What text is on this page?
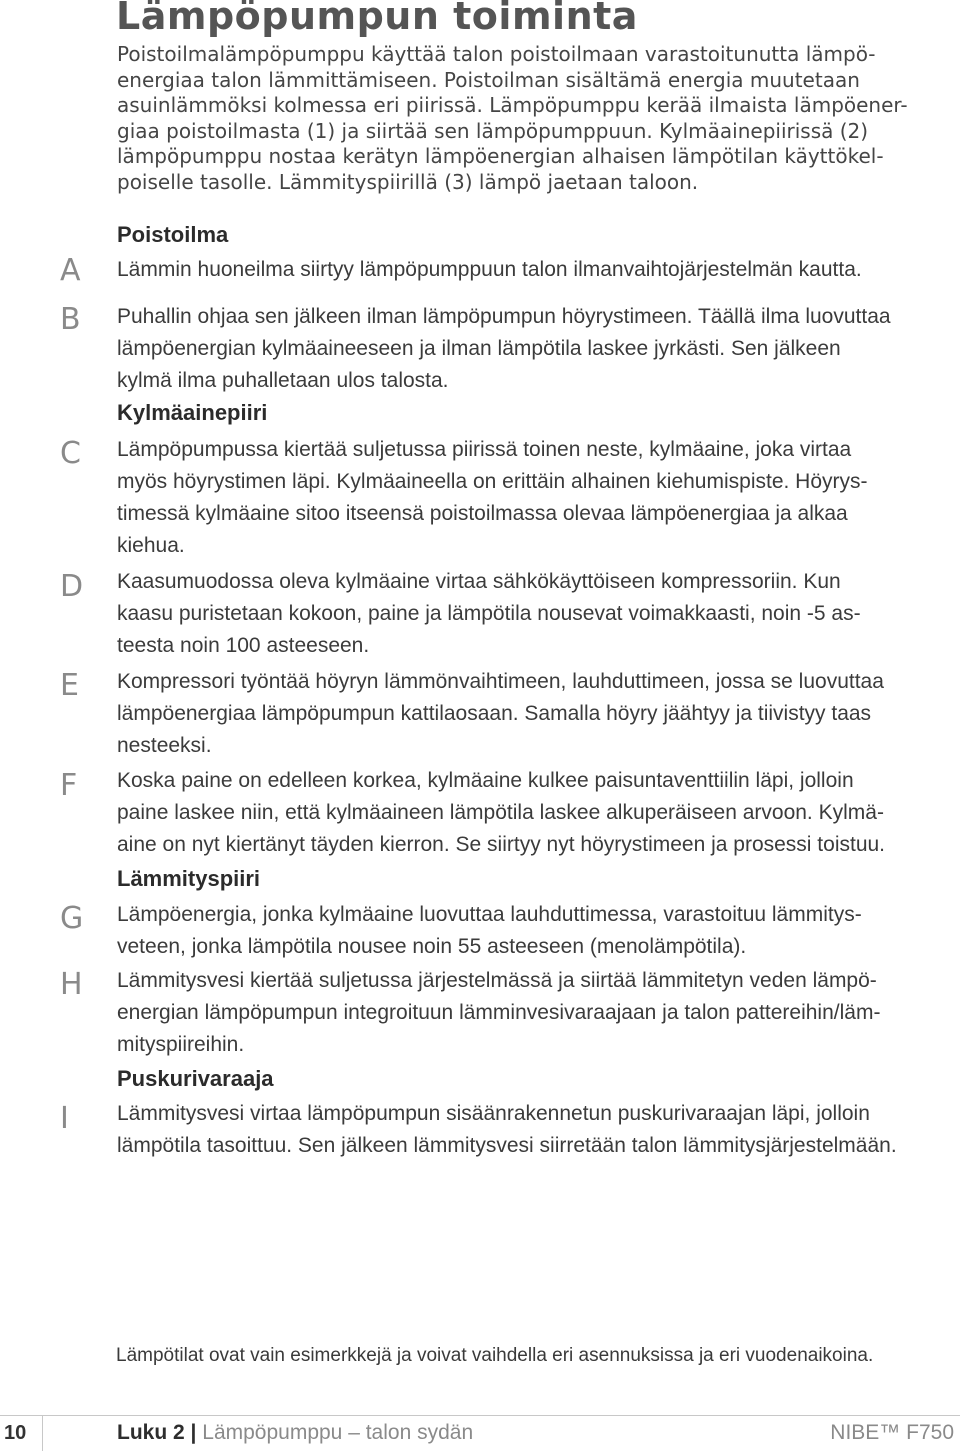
Lämpöpumpun toiminta

Poistoilmalämpöpumppu käyttää talon poistoilmaan varastoitunutta lämpö-
energiaa talon lämmittämiseen. Poistoilman sisältämä energia muutetaan
asuinlämmöksi kolmessa eri piirissä. Lämpöpumppu kerää ilmaista lämpöener-
giaa poistoilmasta (1) ja siirtää sen lämpöpumppuun. Kylmäainepiirissä (2)
lämpöpumppu nostaa kerätyn lämpöenergian alhaisen lämpötilan käyttökel-
poiselle tasolle. Lämmityspiirillä (3) lämpö jaetaan taloon.

Poistoilma
A Lämmin huoneilma siirtyy lämpöpumppuun talon ilmanvaihtojärjestelmän kautta.

B Puhallin ohjaa sen jälkeen ilman lämpöpumpun höyrystimeen. Täällä ilma luovuttaa
lämpöenergian kylmäaineeseen ja ilman lämpötila laskee jyrkästi. Sen jälkeen
kylmä ilma puhalletaan ulos talosta.

Kylmäainepiiri
C Lämpöpumpussa kiertää suljetussa piirissä toinen neste, kylmäaine, joka virtaa
myös höyrystimen läpi. Kylmäaineella on erittäin alhainen kiehumispiste. Höyrys-
timessä kylmäaine sitoo itseensä poistoilmassa olevaa lämpöenergiaa ja alkaa
kiehua.

D Kaasumuodossa oleva kylmäaine virtaa sähkökäyttöiseen kompressoriin. Kun
kaasu puristetaan kokoon, paine ja lämpötila nousevat voimakkaasti, noin -5 as-
teesta noin 100 asteeseen.

E Kompressori työntää höyryn lämmönvaihtimeen, lauhduttimeen, jossa se luovuttaa
lämpöenergiaa lämpöpumpun kattilaosaan. Samalla höyry jäähtyy ja tiivistyy taas
nesteeksi.

F Koska paine on edelleen korkea, kylmäaine kulkee paisuntaventtiilin läpi, jolloin
paine laskee niin, että kylmäaineen lämpötila laskee alkuperäiseen arvoon. Kylmä-
aine on nyt kiertänyt täyden kierron. Se siirtyy nyt höyrystimeen ja prosessi toistuu.

Lämmityspiiri
G Lämpöenergia, jonka kylmäaine luovuttaa lauhduttimessa, varastoituu lämmitys-
veteen, jonka lämpötila nousee noin 55 asteeseen (menolämpötila).

H Lämmitysvesi kiertää suljetussa järjestelmässä ja siirtää lämmitetyn veden lämpö-
energian lämpöpumpun integroituun lämminvesivaraajaan ja talon pattereihin/läm-
mityspiireihin.

Puskurivaraaja
I Lämmitysvesi virtaa lämpöpumpun sisäänrakennetun puskurivaraajan läpi, jolloin
lämpötila tasoittuu. Sen jälkeen lämmitysvesi siirretään talon lämmitysjärjestelmään.

Lämpötilat ovat vain esimerkkejä ja voivat vaihdella eri asennuksissa ja eri vuodenaikoina.

10	Luku 2 | Lämpöpumppu – talon sydän	NIBE™ F750
